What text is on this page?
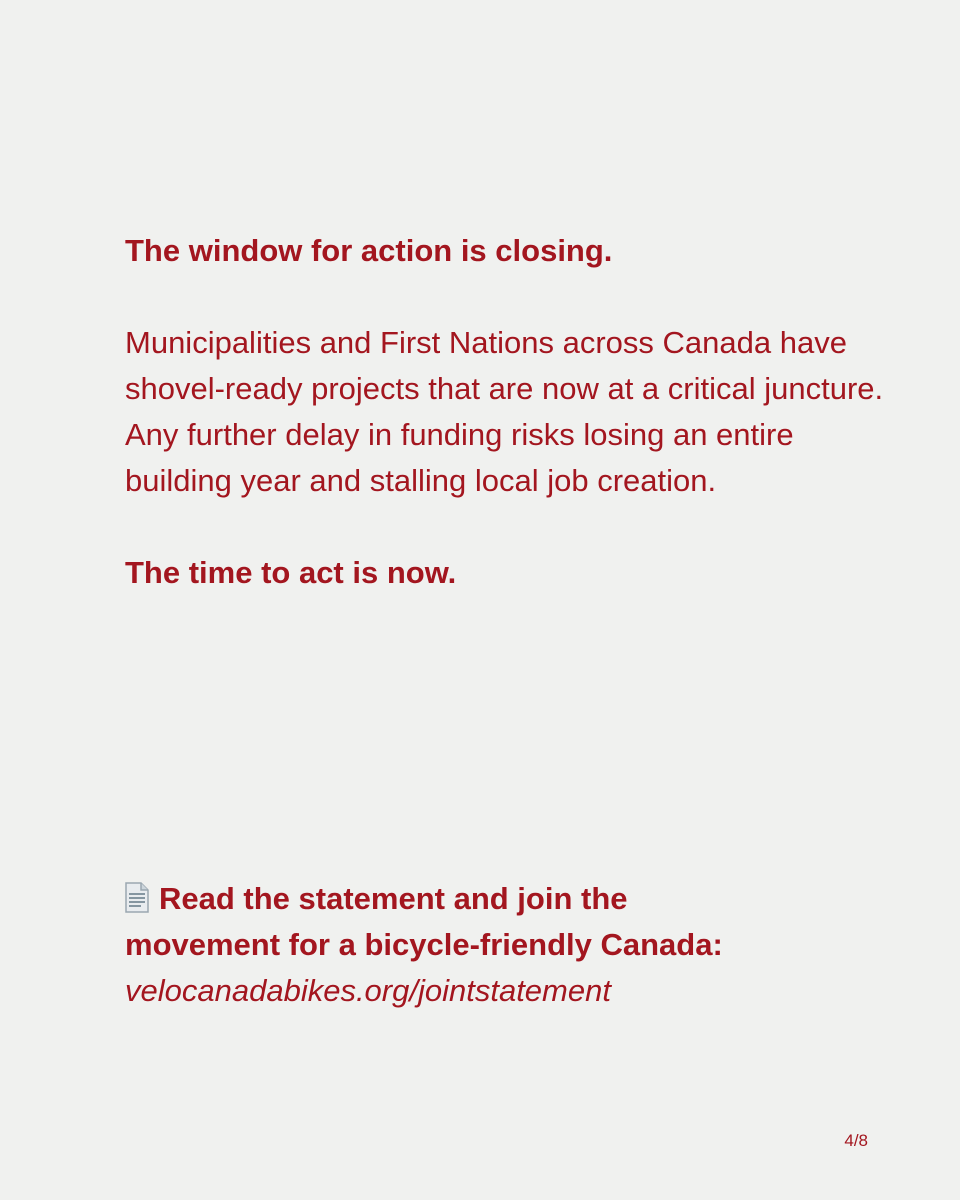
The window for action is closing.

Municipalities and First Nations across Canada have shovel-ready projects that are now at a critical juncture. Any further delay in funding risks losing an entire building year and stalling local job creation.

The time to act is now.

Read the statement and join the
movement for a bicycle-friendly Canada:
velocanadabikes.org/jointstatement
4/8
